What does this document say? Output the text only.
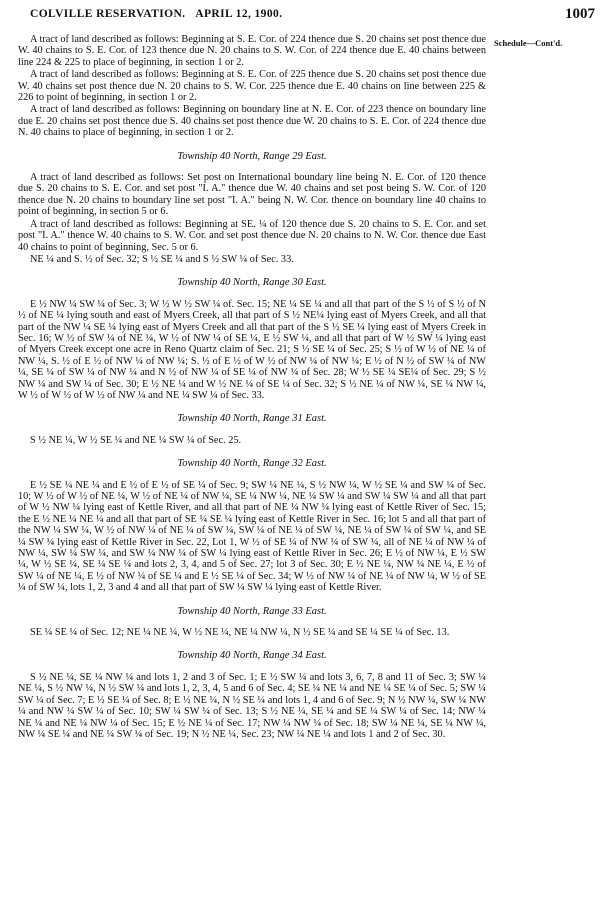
COLVILLE RESERVATION. APRIL 12, 1900.	1007
Schedule—Cont'd.

A tract of land described as follows: Beginning at S. E. Cor. of 224 thence due S. 20 chains set post thence due W. 40 chains to S. E. Cor. of 123 thence due N. 20 chains to S. W. Cor. of 224 thence due E. 40 chains between line 224 & 225 to place of beginning, in section 1 or 2.

A tract of land described as follows: Beginning at S. E. Cor. of 225 thence due S. 20 chains set post thence due W. 40 chains set post thence due N. 20 chains to S. W. Cor. 225 thence due E. 40 chains on line between 225 & 226 to point of beginning, in section 1 or 2.

A tract of land described as follows: Beginning on boundary line at N. E. Cor. of 223 thence on boundary line due E. 20 chains set post thence due S. 40 chains set post thence due W. 20 chains to S. E. Cor. of 224 thence due N. 40 chains to place of beginning, in section 1 or 2.

Township 40 North, Range 29 East.

A tract of land described as follows: Set post on International boundary line being N. E. Cor. of 120 thence due S. 20 chains to S. E. Cor. and set post "I. A." thence due W. 40 chains and set post being S. W. Cor. of 120 thence due N. 20 chains to boundary line set post "I. A." being N. W. Cor. thence on boundary line 40 chains to point of beginning, in section 5 or 6.

A tract of land described as follows: Beginning at SE. ¼ of 120 thence due S. 20 chains to S. E. Cor. and set post "I. A." thence W. 40 chains to S. W. Cor. and set post thence due N. 20 chains to N. W. Cor. thence due East 40 chains to point of beginning, Sec. 5 or 6.

NE ¼ and S. ½ of Sec. 32; S ½ SE ¼ and S ½ SW ¼ of Sec. 33.

Township 40 North, Range 30 East.

E ½ NW ¼ SW ¼ of Sec. 3; W ½ W ½ SW ¼ of. Sec. 15; NE ¼ SE ¼ and all that part of the S ½ of S ½ of N ½ of NE ¼ lying south and east of Myers Creek, all that part of S ½ NE¼ lying east of Myers Creek, and all that part of the NW ¼ SE ¼ lying east of Myers Creek and all that part of the S ½ SE ¼ lying east of Myers Creek in Sec. 16; W ½ of SW ¼ of NE ¼, W ½ of NW ¼ of SE ¼, E ½ SW ¼, and all that part of W ½ SW ¼ lying east of Myers Creek except one acre in Reno Quartz claim of Sec. 21; S ½ SE ¼ of Sec. 25; S ½ of W ½ of NE ¼ of NW ¼, S. ½ of E ½ of NW ¼ of NW ¼; S. ½ of E ½ of W ½ of NW ¼ of NW ¼; E ½ of N ½ of SW ¼ of NW ¼, SE ¼ of SW ¼ of NW ¼ and N ½ of NW ¼ of SE ¼ of NW ¼ of Sec. 28; W ½ SE ¼ SE¼ of Sec. 29; S ½ NW ¼ and SW ¼ of Sec. 30; E ½ NE ¼ and W ½ NE ¼ of SE ¼ of Sec. 32; S ½ NE ¼ of NW ¼, SE ¼ NW ¼, W ½ of W ½ of W ½ of NW ¼ and NE ¼ SW ¼ of Sec. 33.

Township 40 North, Range 31 East.

S ½ NE ¼, W ½ SE ¼ and NE ¼ SW ¼ of Sec. 25.

Township 40 North, Range 32 East.

E ½ SE ¼ NE ¼ and E ½ of E ½ of SE ¼ of Sec. 9; SW ¼ NE ¼, S ½ NW ¼, W ½ SE ¼ and SW ¼ of Sec. 10; W ½ of W ½ of NE ¼, W ½ of NE ¼ of NW ¼, SE ¼ NW ¼, NE ¼ SW ¼ and SW ¼ SW ¼ and all that part of W ½ NW ¼ lying east of Kettle River, and all that part of NE ¼ NW ¼ lying east of Kettle River of Sec. 15; the E ½ NE ¼ NE ¼ and all that part of SE ¼ SE ¼ lying east of Kettle River in Sec. 16; lot 5 and all that part of the NW ¼ SW ¼, W ½ of NW ¼ of NE ¼ of SW ¼, SW ¼ of NE ¼ of SW ¼, NE ¼ of SW ¼ of SW ¼, and SE ¼ SW ¼ lying east of Kettle River in Sec. 22, Lot 1, W ½ of SE ¼ of NW ¼ of SW ¼, all of NE ¼ of NW ¼ of NW ¼, SW ¼ SW ¼, and SW ¼ NW ¼ of SW ¼ lying east of Kettle River in Sec. 26; E ½ of NW ¼, E ½ SW ¼, W ½ SE ¼, SE ¼ SE ¼ and lots 2, 3, 4, and 5 of Sec. 27; lot 3 of Sec. 30; E ½ NE ¼, NW ¼ NE ¼, E ½ of SW ¼ of NE ¼, E ½ of NW ¼ of SE ¼ and E ½ SE ¼ of Sec. 34; W ½ of NW ¼ of NE ¼ of NW ¼, W ½ of SE ¼ of SW ¼, lots 1, 2, 3 and 4 and all that part of SW ¼ SW ¼ lying east of Kettle River.

Township 40 North, Range 33 East.

SE ¼ SE ¼ of Sec. 12; NE ¼ NE ¼, W ½ NE ¼, NE ¼ NW ¼, N ½ SE ¼ and SE ¼ SE ¼ of Sec. 13.

Township 40 North, Range 34 East.

S ½ NE ¼, SE ¼ NW ¼ and lots 1, 2 and 3 of Sec. 1; E ½ SW ¼ and lots 3, 6, 7, 8 and 11 of Sec. 3; SW ¼ NE ¼, S ½ NW ¼, N ½ SW ¼ and lots 1, 2, 3, 4, 5 and 6 of Sec. 4; SE ¼ NE ¼ and NE ¼ SE ¼ of Sec. 5; SW ¼ SW ¼ of Sec. 7; E ½ SE ¼ of Sec. 8; E ½ NE ¼, N ½ SE ¼ and lots 1, 4 and 6 of Sec. 9; N ½ NW ¼, SW ¼ NW ¼ and NW ¼ SW ¼ of Sec. 10; SW ¼ SW ¼ of Sec. 13; S ½ NE ¼, SE ¼ and SE ¼ SW ¼ of Sec. 14; NW ¼ NE ¼ and NE ¼ NW ¼ of Sec. 15; E ½ NE ¼ of Sec. 17; NW ¼ NW ¼ of Sec. 18; SW ¼ NE ¼, SE ¼ NW ¼, NW ¼ SE ¼ and NE ¼ SW ¼ of Sec. 19; N ½ NE ¼, Sec. 23; NW ¼ NE ¼ and lots 1 and 2 of Sec. 30.
